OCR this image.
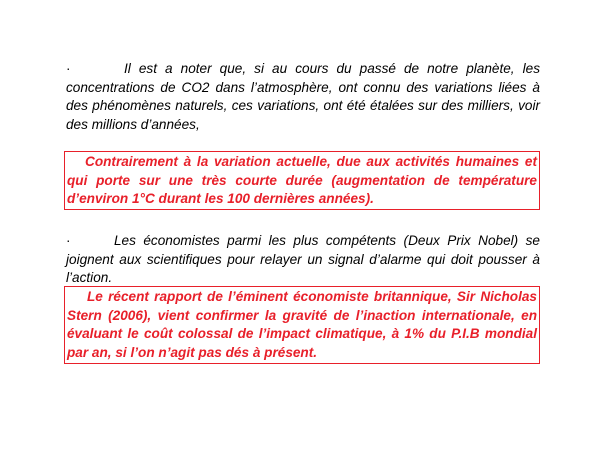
·	Il est a noter que, si au cours du passé de notre planète, les concentrations de CO2 dans l’atmosphère, ont connu des variations liées à des phénomènes naturels, ces variations, ont été étalées sur des milliers, voir des millions d’années,

Contrairement à la variation actuelle, due aux activités humaines et qui porte sur une très courte durée (augmentation de température d’environ 1°C durant les 100 dernières années).

·	Les économistes parmi les plus compétents (Deux Prix Nobel) se joignent aux scientifiques pour relayer un signal d’alarme qui doit pousser à l’action.

Le récent rapport de l’éminent économiste britannique, Sir Nicholas Stern (2006), vient confirmer la gravité de l’inaction internationale, en évaluant le coût colossal de l’impact climatique, à 1% du P.I.B mondial par an, si l’on n’agit pas dés à présent.
